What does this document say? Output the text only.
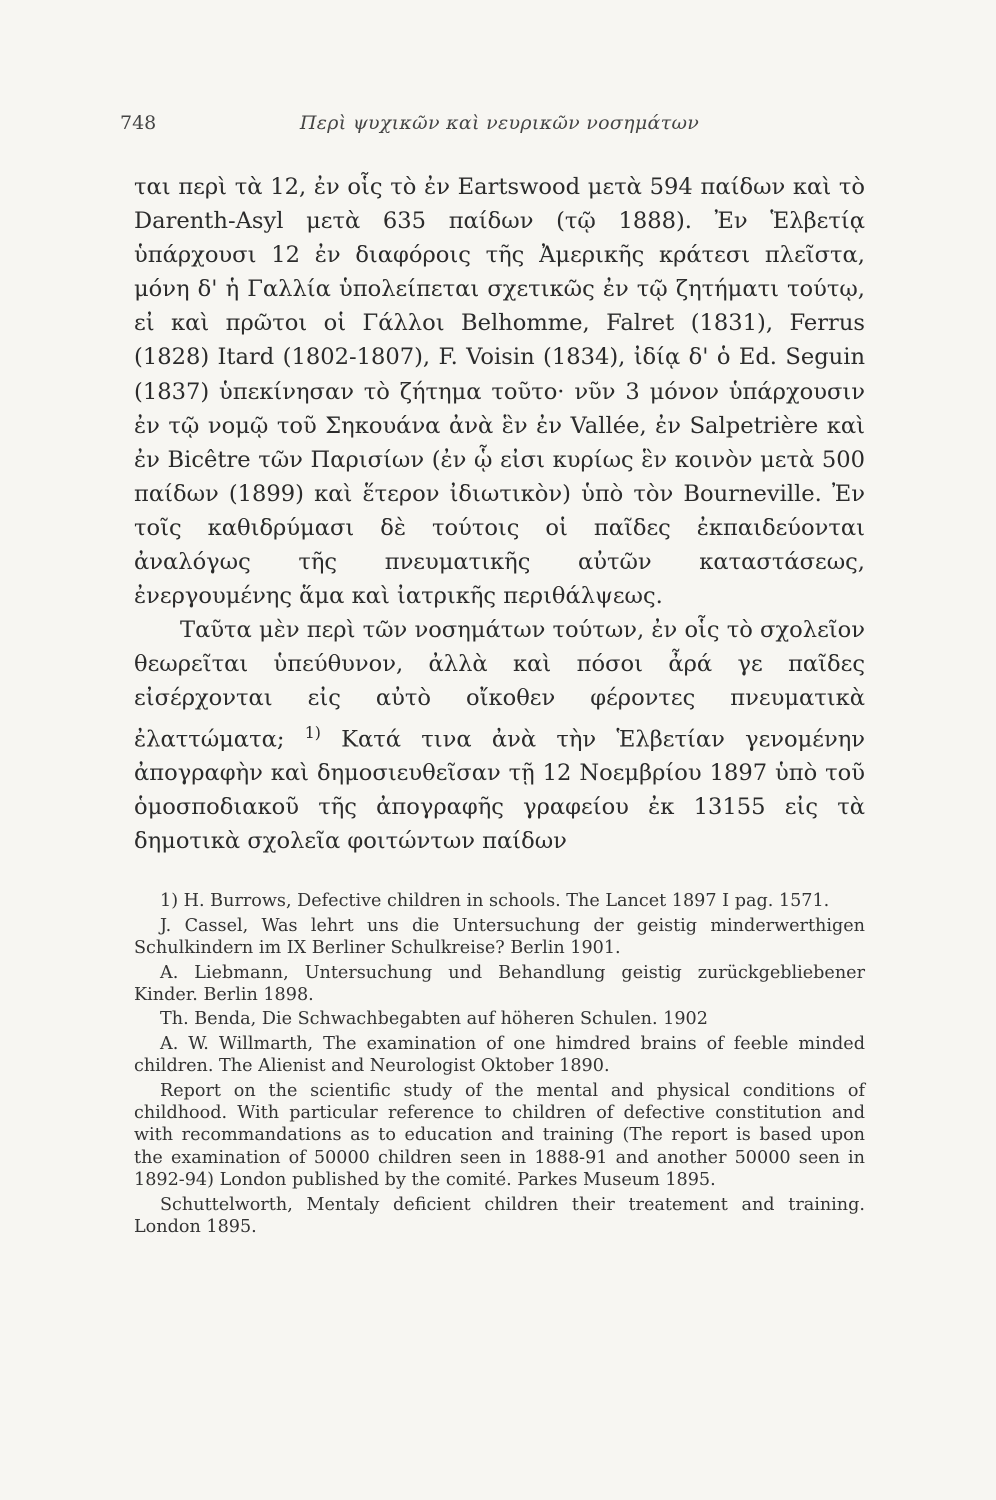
748	Περὶ ψυχικῶν καὶ νευρικῶν νοσημάτων

ται περὶ τὰ 12, ἐν οἷς τὸ ἐν Eartswood μετὰ 594 παίδων καὶ τὸ Darenth-Asyl μετὰ 635 παίδων (τῷ 1888). Ἐν Ἑλβετίᾳ ὑπάρχουσι 12 ἐν διαφόροις τῆς Ἀμερικῆς κράτεσι πλεῖστα, μόνη δ' ἡ Γαλλία ὑπολείπεται σχετικῶς ἐν τῷ ζητήματι τούτῳ, εἰ καὶ πρῶτοι οἱ Γάλλοι Belhomme, Falret (1831), Ferrus (1828) Itard (1802-1807), F. Voisin (1834), ἰδίᾳ δ' ὁ Ed. Seguin (1837) ὑπεκίνησαν τὸ ζήτημα τοῦτο· νῦν 3 μόνον ὑπάρχουσιν ἐν τῷ νομῷ τοῦ Σηκουάνα ἀνὰ ἓν ἐν Vallée, ἐν Salpetrière καὶ ἐν Bicêtre τῶν Παρισίων (ἐν ᾧ εἰσι κυρίως ἓν κοινὸν μετὰ 500 παίδων (1899) καὶ ἕτερον ἰδιωτικὸν) ὑπὸ τὸν Bourneville. Ἐν τοῖς καθιδρύμασι δὲ τούτοις οἱ παῖδες ἐκπαιδεύονται ἀναλόγως τῆς πνευματικῆς αὐτῶν καταστάσεως, ἐνεργουμένης ἅμα καὶ ἰατρικῆς περιθάλψεως.

Ταῦτα μὲν περὶ τῶν νοσημάτων τούτων, ἐν οἷς τὸ σχολεῖον θεωρεῖται ὑπεύθυνον, ἀλλὰ καὶ πόσοι ἆρά γε παῖδες εἰσέρχονται εἰς αὐτὸ οἴκοθεν φέροντες πνευματικὰ ἐλαττώματα; $^{1)}$ Κατά τινα ἀνὰ τὴν Ἑλβετίαν γενομένην ἀπογραφὴν καὶ δημοσιευθεῖσαν τῇ 12 Νοεμβρίου 1897 ὑπὸ τοῦ ὁμοσποδιακοῦ τῆς ἀπογραφῆς γραφείου ἐκ 13155 εἰς τὰ δημοτικὰ σχολεῖα φοιτώντων παίδων

1) H. Burrows, Defective children in schools. The Lancet 1897 I pag. 1571.

J. Cassel, Was lehrt uns die Untersuchung der geistig minderwerthigen Schulkindern im IX Berliner Schulkreise? Berlin 1901.

A. Liebmann, Untersuchung und Behandlung geistig zurückgebliebener Kinder. Berlin 1898.

Th. Benda, Die Schwachbegabten auf höheren Schulen. 1902

A. W. Willmarth, The examination of one himdred brains of feeble minded children. The Alienist and Neurologist Oktober 1890.

Report on the scientific study of the mental and physical conditions of childhood. With particular reference to children of defective constitution and with recommandations as to education and training (The report is based upon the examination of 50000 children seen in 1888-91 and another 50000 seen in 1892-94) London published by the comité. Parkes Museum 1895.

Schuttelworth, Mentaly deficient children their treatement and training. London 1895.
